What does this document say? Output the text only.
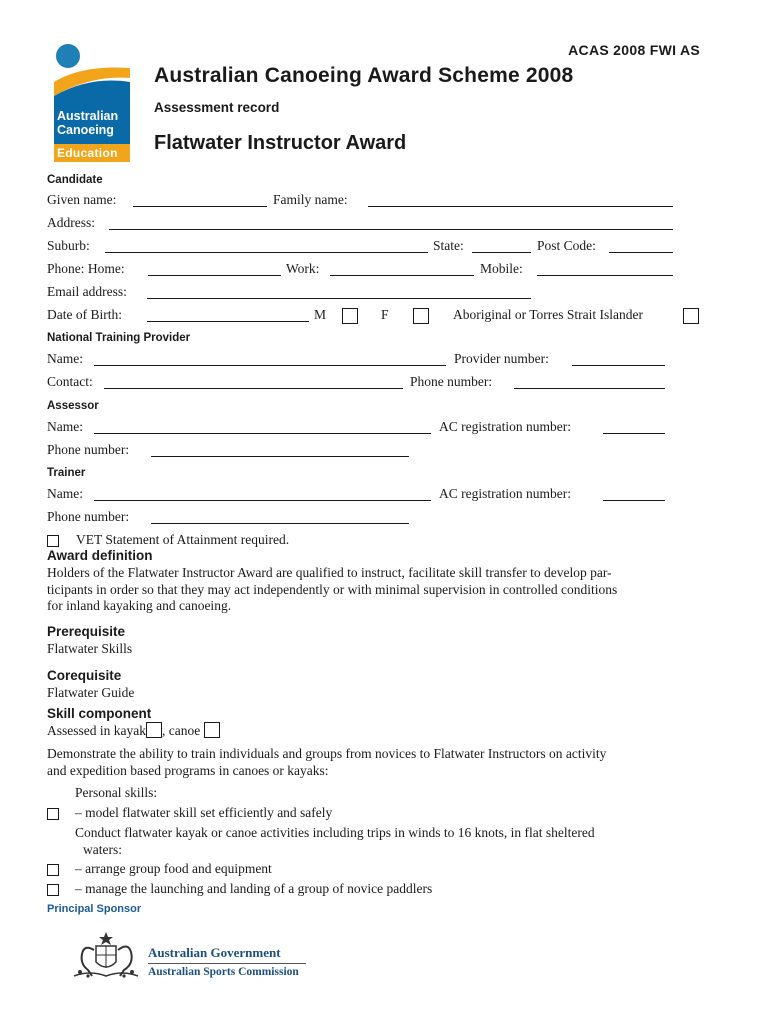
ACAS 2008 FWI AS
Australian
Canoeing
Education
Australian Canoeing Award Scheme 2008
Assessment record
Flatwater Instructor Award
Candidate
Given name:	Family name:
Address:
Suburb:	State:	Post Code:
Phone: Home:	Work:	Mobile:
Email address:
Date of Birth:	M	F	Aboriginal or Torres Strait Islander
National Training Provider
Name:	Provider number:
Contact:	Phone number:
Assessor
Name:	AC registration number:
Phone number:
Trainer
Name:	AC registration number:
Phone number:
VET Statement of Attainment required.
Award definition
Holders of the Flatwater Instructor Award are qualified to instruct, facilitate skill transfer to develop par-
ticipants in order so that they may act independently or with minimal supervision in controlled conditions
for inland kayaking and canoeing.
Prerequisite
Flatwater Skills
Corequisite
Flatwater Guide
Skill component
Assessed in kayak , canoe
Demonstrate the ability to train individuals and groups from novices to Flatwater Instructors on activity
and expedition based programs in canoes or kayaks:
Personal skills:
– model flatwater skill set efficiently and safely
Conduct flatwater kayak or canoe activities including trips in winds to 16 knots, in flat sheltered
waters:
– arrange group food and equipment
– manage the launching and landing of a group of novice paddlers
Principal Sponsor
Australian Government
Australian Sports Commission
